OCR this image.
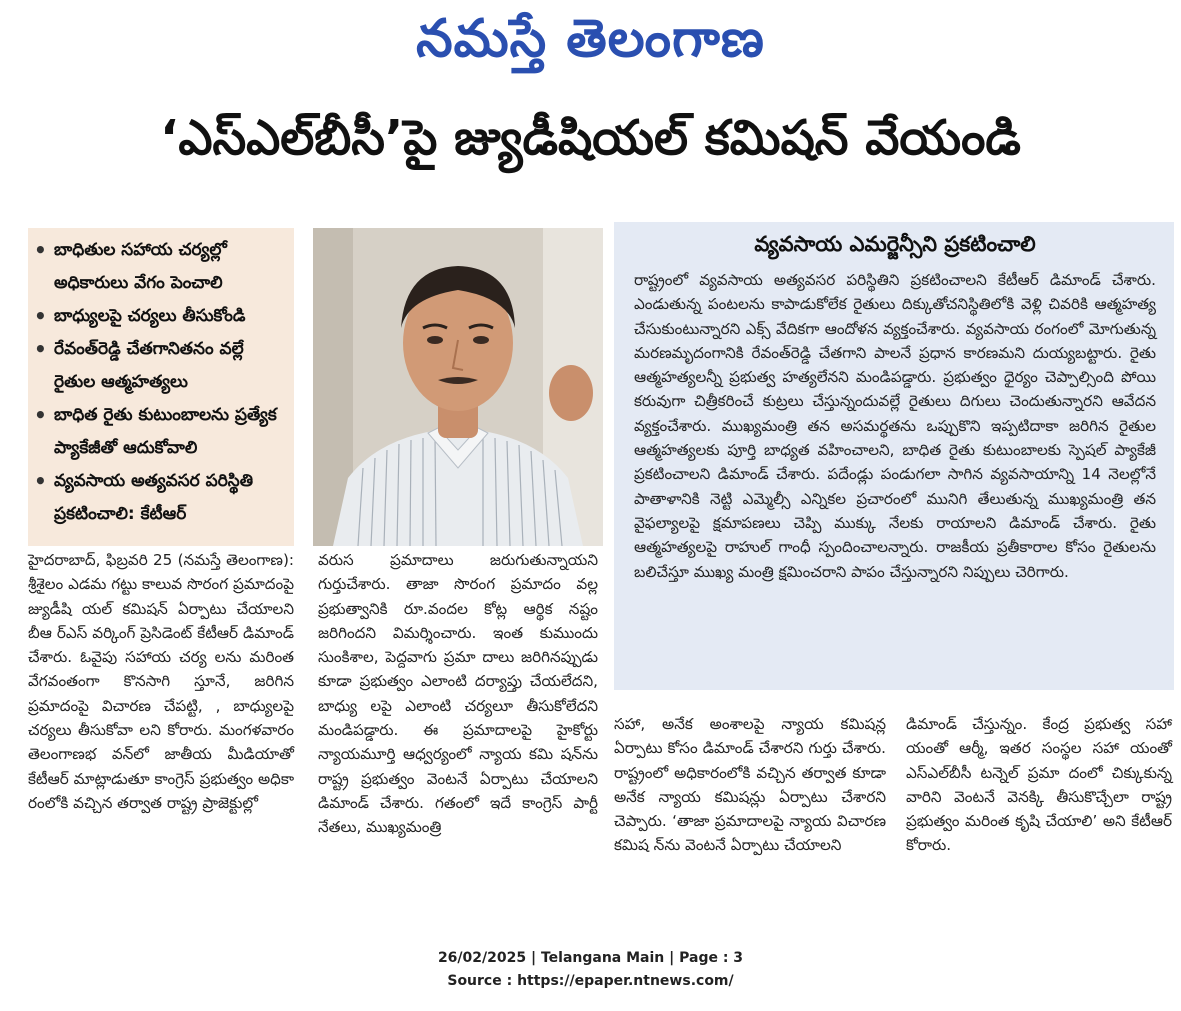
నమస్తే తెలంగాణ
‘ఎస్‌ఎల్‌బీసీ’పై జ్యుడీషియల్ కమిషన్ వేయండి
• బాధితుల సహాయ చర్యల్లో అధికారులు వేగం పెంచాలి
• బాధ్యులపై చర్యలు తీసుకోండి
• రేవంత్‌రెడ్డి చేతగానితనం వల్లే రైతుల ఆత్మహత్యలు
• బాధిత రైతు కుటుంబాలను ప్రత్యేక ప్యాకేజీతో ఆదుకోవాలి
• వ్యవసాయ అత్యవసర పరిస్థితి ప్రకటించాలి: కేటీఆర్
వ్యవసాయ ఎమర్జెన్సీని ప్రకటించాలి
రాష్ట్రంలో వ్యవసాయ అత్యవసర పరిస్థితిని ప్రకటించాలని కేటీఆర్ డిమాండ్ చేశారు. ఎండుతున్న పంటలను కాపాడుకోలేక రైతులు దిక్కుతోచనిస్థితిలోకి వెళ్లి చివరికి ఆత్మహత్య చేసుకుంటున్నారని ఎక్స్ వేదికగా ఆందోళన వ్యక్తంచేశారు. వ్యవసాయ రంగంలో మోగుతున్న మరణమృదంగానికి రేవంత్‌రెడ్డి చేతగాని పాలనే ప్రధాన కారణమని దుయ్యబట్టారు. రైతు ఆత్మహత్యలన్నీ ప్రభుత్వ హత్యలేనని మండిపడ్డారు. ప్రభుత్వం ధైర్యం చెప్పాల్సింది పోయి కరువుగా చిత్రీకరించే కుట్రలు చేస్తున్నందువల్లే రైతులు దిగులు చెందుతున్నారని ఆవేదన వ్యక్తంచేశారు. ముఖ్యమంత్రి తన అసమర్థతను ఒప్పుకొని ఇప్పటిదాకా జరిగిన రైతుల ఆత్మహత్యలకు పూర్తి బాధ్యత వహించాలని, బాధిత రైతు కుటుంబాలకు స్పెషల్ ప్యాకేజీ ప్రకటించాలని డిమాండ్ చేశారు. పదేండ్లు పండుగలా సాగిన వ్యవసాయాన్ని 14 నెలల్లోనే పాతాళానికి నెట్టి ఎమ్మెల్సీ ఎన్నికల ప్రచారంలో మునిగి తేలుతున్న ముఖ్యమంత్రి తన వైఫల్యాలపై క్షమాపణలు చెప్పి ముక్కు నేలకు రాయాలని డిమాండ్ చేశారు. రైతు ఆత్మహత్యలపై రాహుల్ గాంధీ స్పందించాలన్నారు. రాజకీయ ప్రతీకారాల కోసం రైతులను బలిచేస్తూ ముఖ్య మంత్రి క్షమించరాని పాపం చేస్తున్నారని నిప్పులు చెరిగారు.
హైదరాబాద్, ఫిబ్రవరి 25 (నమస్తే తెలంగాణ): శ్రీశైలం ఎడమ గట్టు కాలువ సొరంగ ప్రమాదంపై జ్యుడీషి యల్ కమిషన్ ఏర్పాటు చేయాలని బీఆ ర్‌ఎస్ వర్కింగ్ ప్రెసిడెంట్ కేటీఆర్ డిమాండ్ చేశారు. ఓవైపు సహాయ చర్య లను మరింత వేగవంతంగా కొనసాగి స్తూనే, జరిగిన ప్రమాదంపై విచారణ చేపట్టి, , బాధ్యులపై చర్యలు తీసుకోవా లని కోరారు. మంగళవారం తెలంగాణభ వన్‌లో జాతీయ మీడియాతో కేటీఆర్ మాట్లాడుతూ కాంగ్రెస్ ప్రభుత్వం అధికా రంలోకి వచ్చిన తర్వాత రాష్ట్ర ప్రాజెక్టుల్లో
వరుస ప్రమాదాలు జరుగుతున్నాయని గుర్తుచేశారు. తాజా సొరంగ ప్రమాదం వల్ల ప్రభుత్వానికి రూ.వందల కోట్ల ఆర్థిక నష్టం జరిగిందని విమర్శించారు. ఇంత కుముందు సుంకిశాల, పెద్దవాగు ప్రమా దాలు జరిగినప్పుడు కూడా ప్రభుత్వం ఎలాంటి దర్యాప్తు చేయలేదని, బాధ్యు లపై ఎలాంటి చర్యలూ తీసుకోలేదని మండిపడ్డారు. ఈ ప్రమాదాలపై హైకోర్టు న్యాయమూర్తి ఆధ్వర్యంలో న్యాయ కమి షన్‌ను రాష్ట్ర ప్రభుత్వం వెంటనే ఏర్పాటు చేయాలని డిమాండ్ చేశారు. గతంలో ఇదే కాంగ్రెస్ పార్టీ నేతలు, ముఖ్యమంత్రి
సహా, అనేక అంశాలపై న్యాయ కమిషన్ల ఏర్పాటు కోసం డిమాండ్ చేశారని గుర్తు చేశారు. రాష్ట్రంలో అధికారంలోకి వచ్చిన తర్వాత కూడా అనేక న్యాయ కమిషన్లు ఏర్పాటు చేశారని చెప్పారు. ‘తాజా ప్రమాదాలపై న్యాయ విచారణ కమిష న్‌ను వెంటనే ఏర్పాటు చేయాలని
డిమాండ్ చేస్తున్నం. కేంద్ర ప్రభుత్వ సహా యంతో ఆర్మీ, ఇతర సంస్థల సహా యంతో ఎస్‌ఎల్‌బీసీ టన్నెల్ ప్రమా దంలో చిక్కుకున్న వారిని వెంటనే వెనక్కి తీసుకొచ్చేలా రాష్ట్ర ప్రభుత్వం మరింత కృషి చేయాలి’ అని కేటీఆర్ కోరారు.
26/02/2025 | Telangana Main | Page : 3
Source : https://epaper.ntnews.com/
